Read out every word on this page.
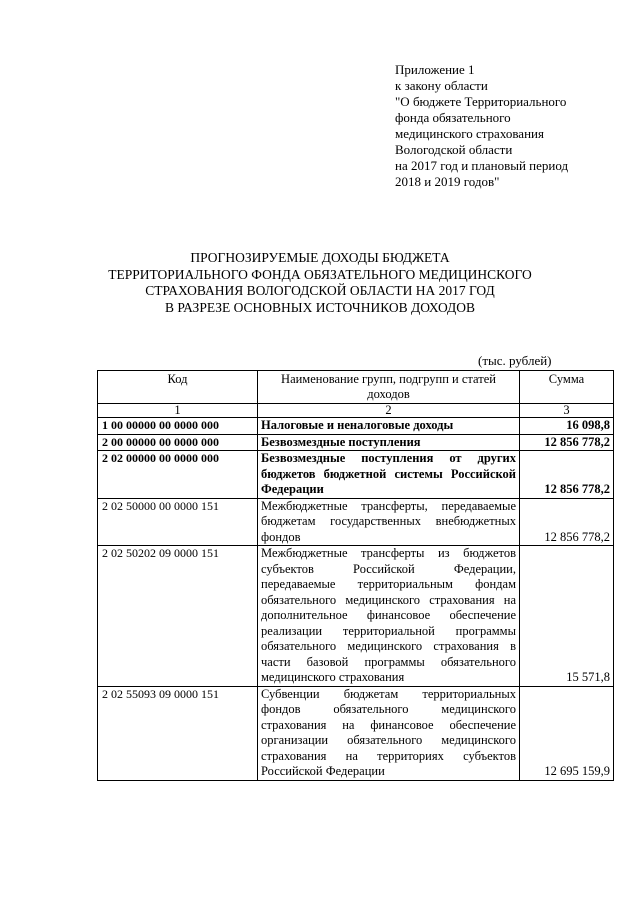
Приложение 1
к закону области
"О бюджете Территориального
фонда обязательного
медицинского страхования
Вологодской области
на 2017 год и плановый период
2018 и 2019 годов"
ПРОГНОЗИРУЕМЫЕ ДОХОДЫ БЮДЖЕТА
ТЕРРИТОРИАЛЬНОГО ФОНДА ОБЯЗАТЕЛЬНОГО МЕДИЦИНСКОГО
СТРАХОВАНИЯ ВОЛОГОДСКОЙ ОБЛАСТИ НА 2017 ГОД
В РАЗРЕЗЕ ОСНОВНЫХ ИСТОЧНИКОВ ДОХОДОВ
(тыс. рублей)
Код	Наименование групп, подгрупп и статей доходов	Сумма
1	2	3
1 00 00000 00 0000 000	Налоговые и неналоговые доходы	16 098,8
2 00 00000 00 0000 000	Безвозмездные поступления	12 856 778,2
2 02 00000 00 0000 000	Безвозмездные поступления от других бюджетов бюджетной системы Российской Федерации	12 856 778,2
2 02 50000 00 0000 151	Межбюджетные трансферты, передаваемые бюджетам государственных внебюджетных фондов	12 856 778,2
2 02 50202 09 0000 151	Межбюджетные трансферты из бюджетов субъектов Российской Федерации, передаваемые территориальным фондам обязательного медицинского страхования на дополнительное финансовое обеспечение реализации территориальной программы обязательного медицинского страхования в части базовой программы обязательного медицинского страхования	15 571,8
2 02 55093 09 0000 151	Субвенции бюджетам территориальных фондов обязательного медицинского страхования на финансовое обеспечение организации обязательного медицинского страхования на территориях субъектов Российской Федерации	12 695 159,9
